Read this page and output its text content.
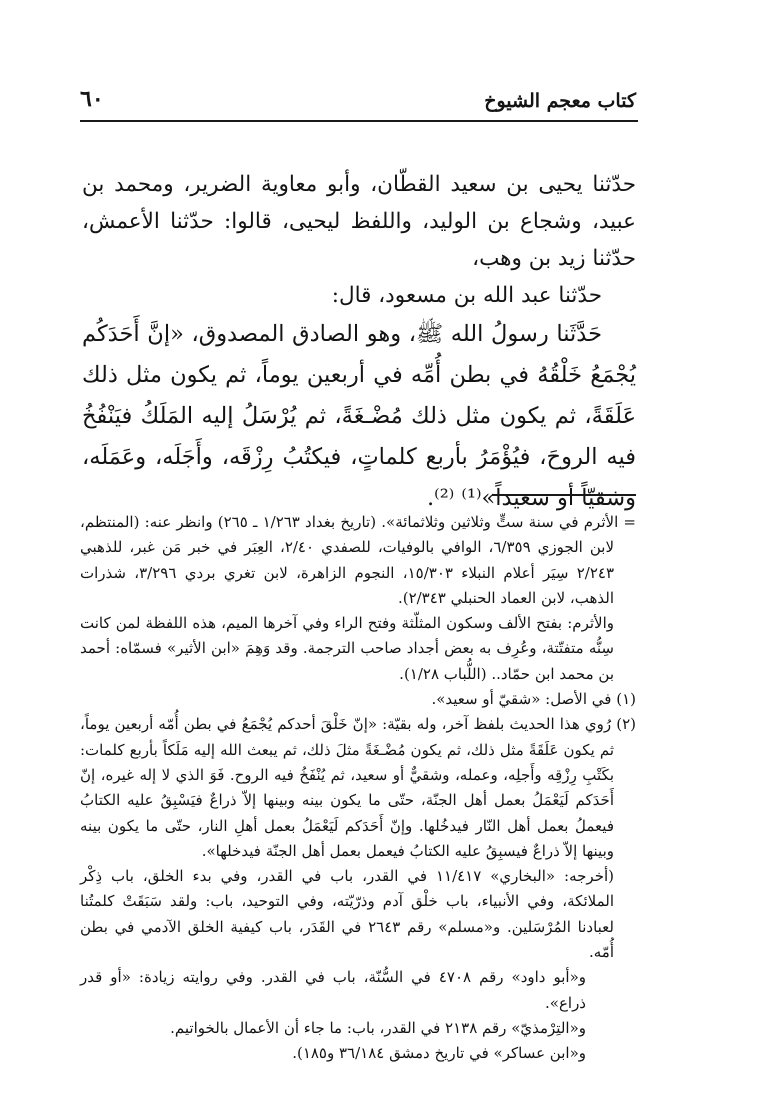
كتاب معجم الشيوخ
٦٠

حدّثنا يحيى بن سعيد القطّان، وأبو معاوية الضرير، ومحمد بن عبيد، وشجاع بن الوليد، واللفظ ليحيى، قالوا: حدّثنا الأعمش، حدّثنا زيد بن وهب،

حدّثنا عبد الله بن مسعود، قال:

حَدَّثَنا رسولُ الله ﷺ، وهو الصادق المصدوق، «إنَّ أَحَدَكُم يُجْمَعُ خَلْقُهُ في بطن أُمِّه في أربعين يوماً، ثم يكون مثل ذلك عَلَقَةً، ثم يكون مثل ذلك مُضْـغَةً، ثم يُرْسَلُ إليه المَلَكُ فيَنْفُخُ فيه الروحَ، فيُؤْمَرُ بأربع كلماتٍ، فيكتُبُ رِزْقَه، وأَجَلَه، وعَمَلَه، وشقيّاً أو سعيداً»⁽¹⁾ ⁽²⁾.

= الأثرم في سنة ستٍّ وثلاثين وثلاثمائة». (تاريخ بغداد ١/٢٦٣ ـ ٢٦٥) وانظر عنه: (المنتظم، لابن الجوزي ٦/٣٥٩، الوافي بالوفيات، للصفدي ٢/٤٠، العِبَر في خبر مَن غبر، للذهبي ٢/٢٤٣ سِيَر أعلام النبلاء ١٥/٣٠٣، النجوم الزاهرة، لابن تغري بردي ٣/٢٩٦، شذرات الذهب، لابن العماد الحنبلي ٢/٣٤٣).

والأثرم: بفتح الألف وسكون المثلّثة وفتح الراء وفي آخرها الميم، هذه اللفظة لمن كانت سِنُّه متفتّتة، وعُرِف به بعض أجداد صاحب الترجمة. وقد وَهِمَ «ابن الأثير» فسمّاه: أحمد بن محمد ابن حمّاد.. (اللُّباب ١/٢٨).

(١) في الأصل: «شقيّ أو سعيد».

(٢) رُوي هذا الحديث بلفظ آخر، وله بقيّة: «إنّ خَلْقَ أحدكم يُجْمَعُ في بطن أُمّه أربعين يوماً، ثم يكون عَلَقَةً مثل ذلك، ثم يكون مُضْـغَةً مثلَ ذلك، ثم يبعث الله إليه مَلَكاً بأربع كلمات: بكَتْبِ رِزْقِه وأَجلِه، وعمله، وشقيٌّ أو سعيد، ثم يُنْفَخُ فيه الروح. فَوَ الذي لا إله غيره، إنّ أَحَدَكم لَيَعْمَلُ بعمل أهل الجنّة، حتّى ما يكون بينه وبينها إلاّ ذراعٌ فيَسْبِقُ عليه الكتابُ فيعملُ بعمل أهل النّار فيدخُلها. وإنّ أَحَدَكم لَيَعْمَلُ بعمل أهلِ النار، حتّى ما يكون بينه وبينها إلاّ ذراعٌ فيسبِقُ عليه الكتابُ فيعمل بعمل أهل الجنّة فيدخلها».

(أخرجه: «البخاري» ١١/٤١٧ في القدر، باب في القدر، وفي بدء الخلق، باب ذِكْر الملائكة، وفي الأنبياء، باب خلْق آدم وذرّيّته، وفي التوحيد، باب: ولقد سَبَقَتْ كلمتُنا لعبادنا المُرْسَلين. و«مسلم» رقم ٢٦٤٣ في القَدَر، باب كيفية الخلق الآدمي في بطن أُمّه.

و«أبو داود» رقم ٤٧٠٨ في السُّنّة، باب في القدر. وفي روايته زيادة: «أو قدر ذراع».

و«التِرْمذيّ» رقم ٢١٣٨ في القدر، باب: ما جاء أن الأعمال بالخواتيم.

و«ابن عساكر» في تاريخ دمشق ٣٦/١٨٤ و١٨٥).
